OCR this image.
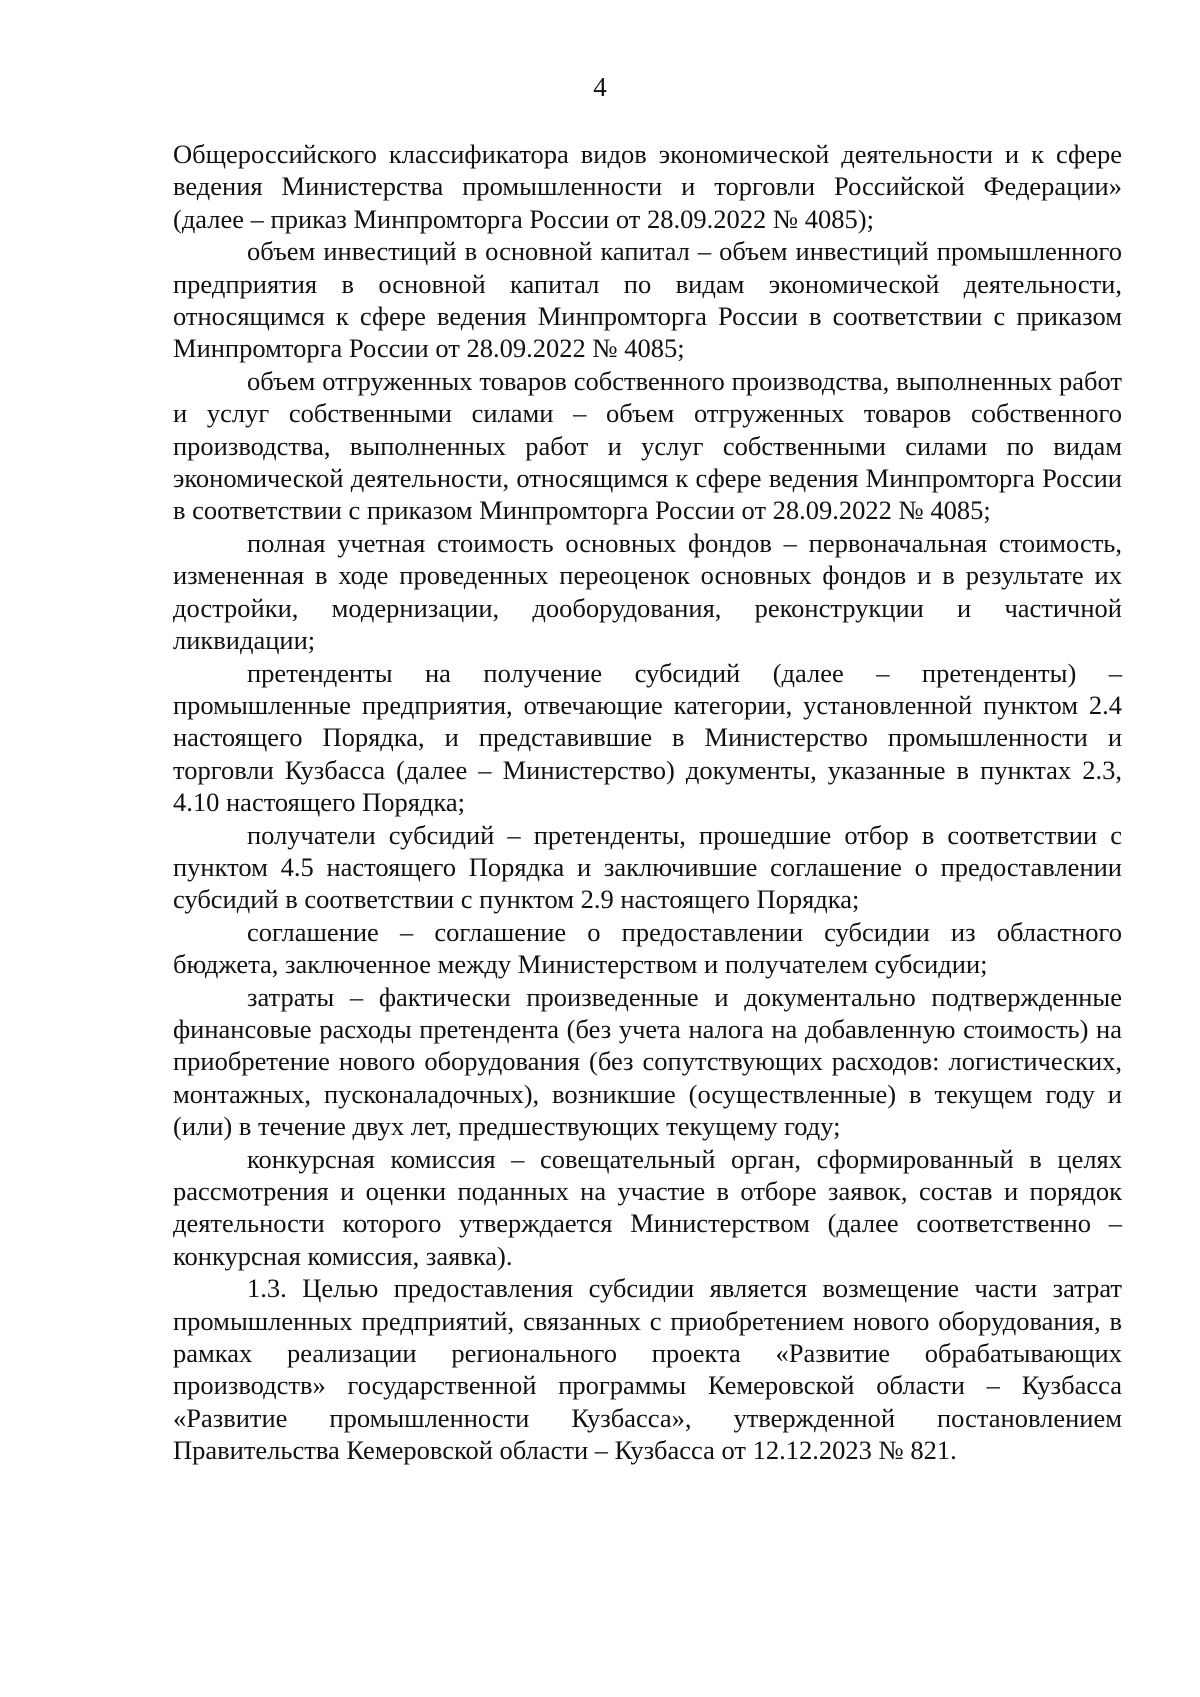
4

Общероссийского классификатора видов экономической деятельности и к сфере ведения Министерства промышленности и торговли Российской Федерации» (далее – приказ Минпромторга России от 28.09.2022 № 4085);

объем инвестиций в основной капитал – объем инвестиций промышленного предприятия в основной капитал по видам экономической деятельности, относящимся к сфере ведения Минпромторга России в соответствии с приказом Минпромторга России от 28.09.2022 № 4085;

объем отгруженных товаров собственного производства, выполненных работ и услуг собственными силами – объем отгруженных товаров собственного производства, выполненных работ и услуг собственными силами по видам экономической деятельности, относящимся к сфере ведения Минпромторга России в соответствии с приказом Минпромторга России от 28.09.2022 № 4085;

полная учетная стоимость основных фондов – первоначальная стоимость, измененная в ходе проведенных переоценок основных фондов и в результате их достройки, модернизации, дооборудования, реконструкции и частичной ликвидации;

претенденты на получение субсидий (далее – претенденты) – промышленные предприятия, отвечающие категории, установленной пунктом 2.4 настоящего Порядка, и представившие в Министерство промышленности и торговли Кузбасса (далее – Министерство) документы, указанные в пунктах 2.3, 4.10 настоящего Порядка;

получатели субсидий – претенденты, прошедшие отбор в соответствии с пунктом 4.5 настоящего Порядка и заключившие соглашение о предоставлении субсидий в соответствии с пунктом 2.9 настоящего Порядка;

соглашение – соглашение о предоставлении субсидии из областного бюджета, заключенное между Министерством и получателем субсидии;

затраты – фактически произведенные и документально подтвержденные финансовые расходы претендента (без учета налога на добавленную стоимость) на приобретение нового оборудования (без сопутствующих расходов: логистических, монтажных, пусконаладочных), возникшие (осуществленные) в текущем году и (или) в течение двух лет, предшествующих текущему году;

конкурсная комиссия – совещательный орган, сформированный в целях рассмотрения и оценки поданных на участие в отборе заявок, состав и порядок деятельности которого утверждается Министерством (далее соответственно – конкурсная комиссия, заявка).

1.3. Целью предоставления субсидии является возмещение части затрат промышленных предприятий, связанных с приобретением нового оборудования, в рамках реализации регионального проекта «Развитие обрабатывающих производств» государственной программы Кемеровской области – Кузбасса «Развитие промышленности Кузбасса», утвержденной постановлением Правительства Кемеровской области – Кузбасса от 12.12.2023 № 821.
